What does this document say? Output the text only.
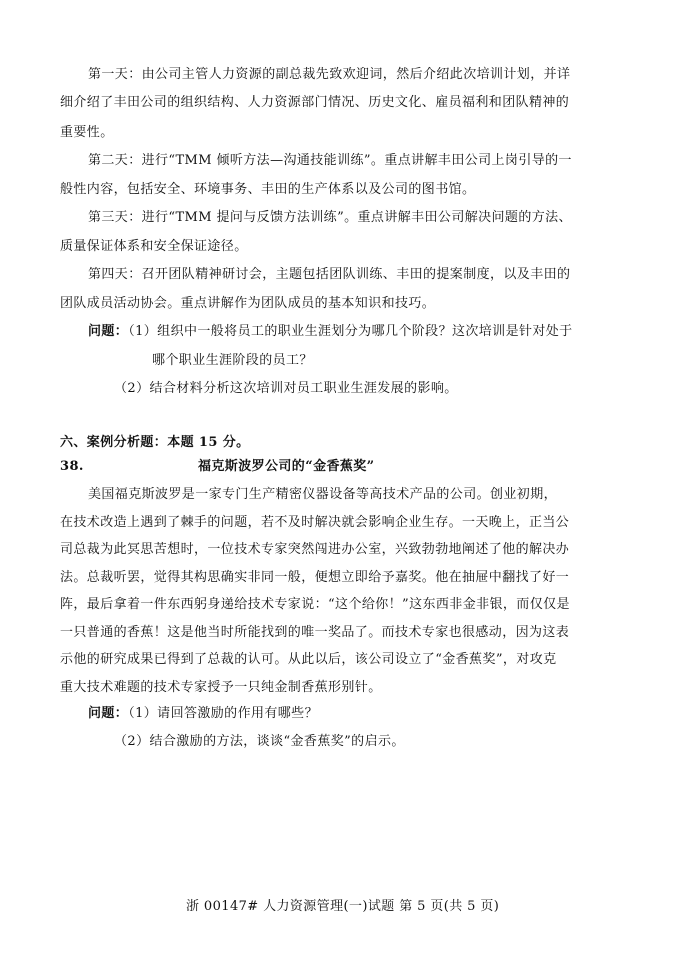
第一天：由公司主管人力资源的副总裁先致欢迎词，然后介绍此次培训计划，并详
细介绍了丰田公司的组织结构、人力资源部门情况、历史文化、雇员福利和团队精神的
重要性。
第二天：进行“TMM 倾听方法—沟通技能训练”。重点讲解丰田公司上岗引导的一
般性内容，包括安全、环境事务、丰田的生产体系以及公司的图书馆。
第三天：进行“TMM 提问与反馈方法训练”。重点讲解丰田公司解决问题的方法、
质量保证体系和安全保证途径。
第四天：召开团队精神研讨会，主题包括团队训练、丰田的提案制度，以及丰田的
团队成员活动协会。重点讲解作为团队成员的基本知识和技巧。
问题：（1）组织中一般将员工的职业生涯划分为哪几个阶段？这次培训是针对处于
哪个职业生涯阶段的员工？
（2）结合材料分析这次培训对员工职业生涯发展的影响。
六、案例分析题：本题 15 分。
38.	福克斯波罗公司的“金香蕉奖”
美国福克斯波罗是一家专门生产精密仪器设备等高技术产品的公司。创业初期，
在技术改造上遇到了棘手的问题，若不及时解决就会影响企业生存。一天晚上，正当公
司总裁为此冥思苦想时，一位技术专家突然闯进办公室，兴致勃勃地阐述了他的解决办
法。总裁听罢，觉得其构思确实非同一般，便想立即给予嘉奖。他在抽屉中翻找了好一
阵，最后拿着一件东西躬身递给技术专家说：“这个给你！”这东西非金非银，而仅仅是
一只普通的香蕉！这是他当时所能找到的唯一奖品了。而技术专家也很感动，因为这表
示他的研究成果已得到了总裁的认可。从此以后，该公司设立了“金香蕉奖”，对攻克
重大技术难题的技术专家授予一只纯金制香蕉形别针。
问题：（1）请回答激励的作用有哪些？
（2）结合激励的方法，谈谈“金香蕉奖”的启示。
浙 00147# 人力资源管理(一)试题 第 5 页(共 5 页)
